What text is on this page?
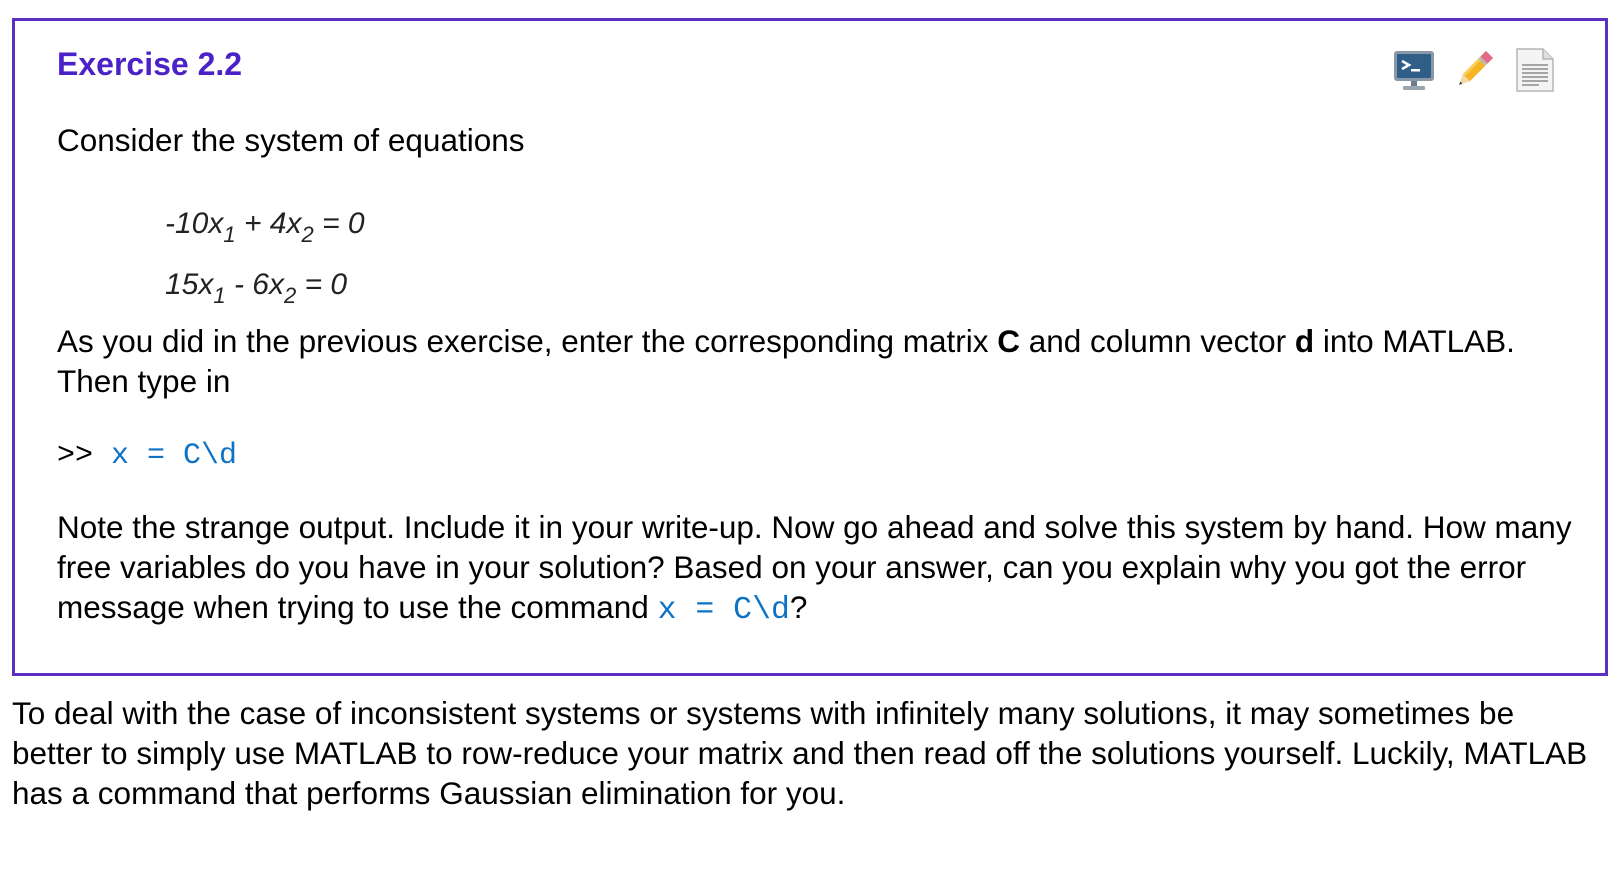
Exercise 2.2

Consider the system of equations

$-10x_1 + 4x_2 = 0$
$15x_1 - 6x_2 = 0$

As you did in the previous exercise, enter the corresponding matrix C and column vector d into MATLAB. Then type in

>> x = C\d

Note the strange output. Include it in your write-up. Now go ahead and solve this system by hand. How many free variables do you have in your solution? Based on your answer, can you explain why you got the error message when trying to use the command x = C\d?

To deal with the case of inconsistent systems or systems with infinitely many solutions, it may sometimes be better to simply use MATLAB to row-reduce your matrix and then read off the solutions yourself. Luckily, MATLAB has a command that performs Gaussian elimination for you.
